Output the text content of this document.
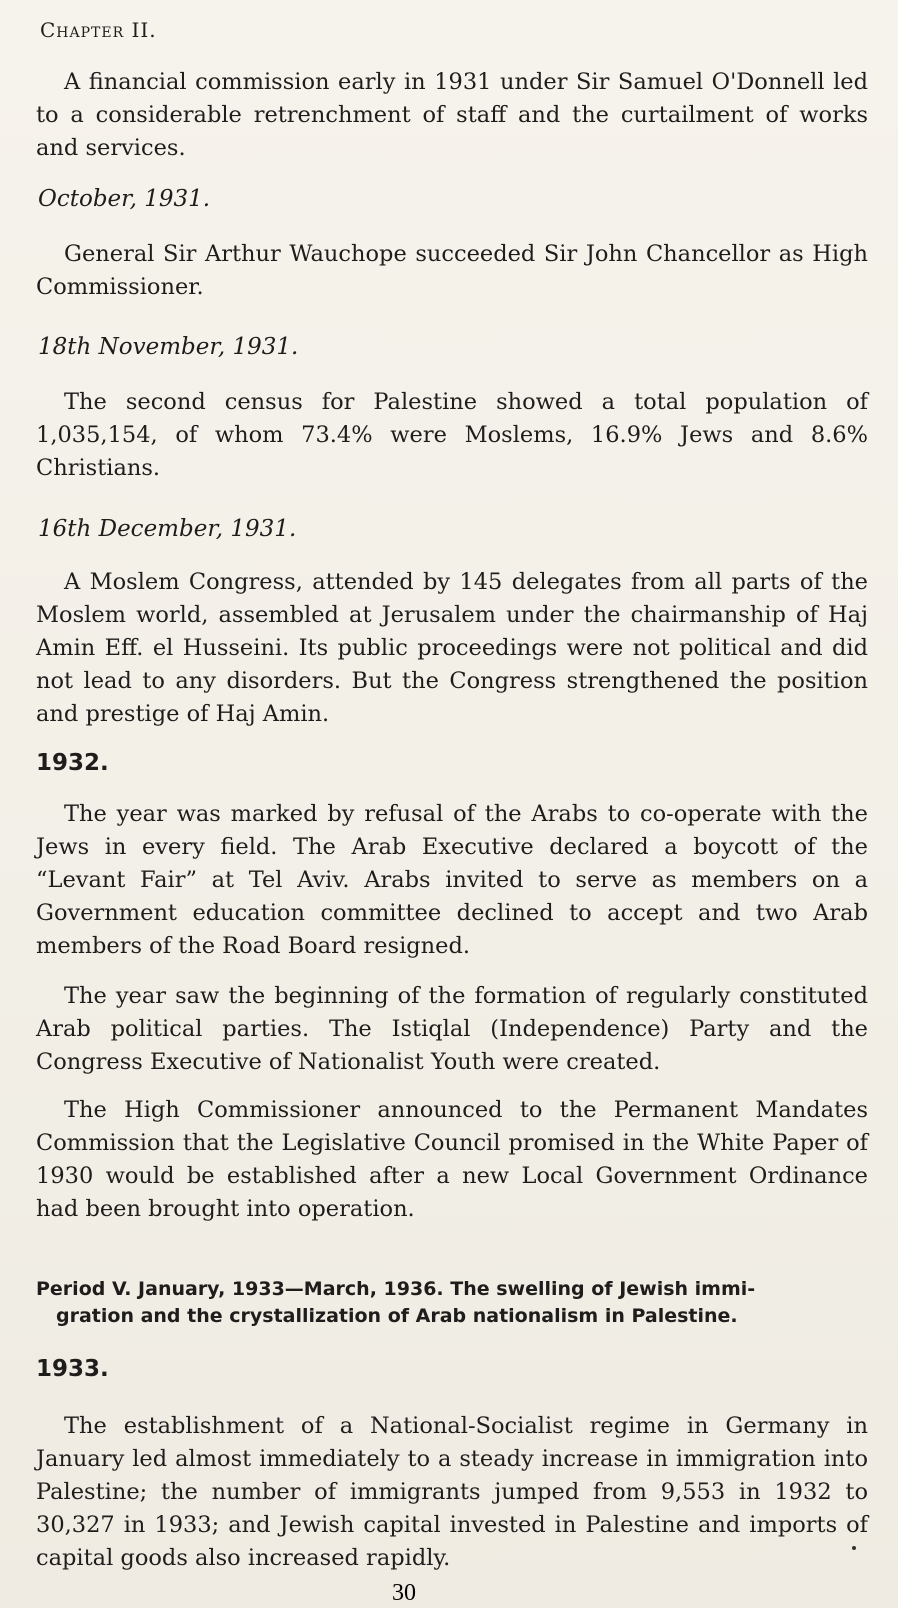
Chapter II.
A financial commission early in 1931 under Sir Samuel O'Donnell led to a considerable retrenchment of staff and the curtailment of works and services.
October, 1931.
General Sir Arthur Wauchope succeeded Sir John Chancellor as High Commissioner.
18th November, 1931.
The second census for Palestine showed a total population of 1,035,154, of whom 73.4% were Moslems, 16.9% Jews and 8.6% Christians.
16th December, 1931.
A Moslem Congress, attended by 145 delegates from all parts of the Moslem world, assembled at Jerusalem under the chairmanship of Haj Amin Eff. el Husseini. Its public proceedings were not political and did not lead to any disorders. But the Congress strengthened the position and prestige of Haj Amin.
1932.
The year was marked by refusal of the Arabs to co-operate with the Jews in every field. The Arab Executive declared a boycott of the “Levant Fair” at Tel Aviv. Arabs invited to serve as members on a Government education committee declined to accept and two Arab members of the Road Board resigned.
The year saw the beginning of the formation of regularly constituted Arab political parties. The Istiqlal (Independence) Party and the Congress Executive of Nationalist Youth were created.
The High Commissioner announced to the Permanent Mandates Commission that the Legislative Council promised in the White Paper of 1930 would be established after a new Local Government Ordinance had been brought into operation.
Period V. January, 1933—March, 1936. The swelling of Jewish immi-
gration and the crystallization of Arab nationalism in Palestine.
1933.
The establishment of a National-Socialist regime in Germany in January led almost immediately to a steady increase in immigration into Palestine; the number of immigrants jumped from 9,553 in 1932 to 30,327 in 1933; and Jewish capital invested in Palestine and imports of capital goods also increased rapidly.
30
